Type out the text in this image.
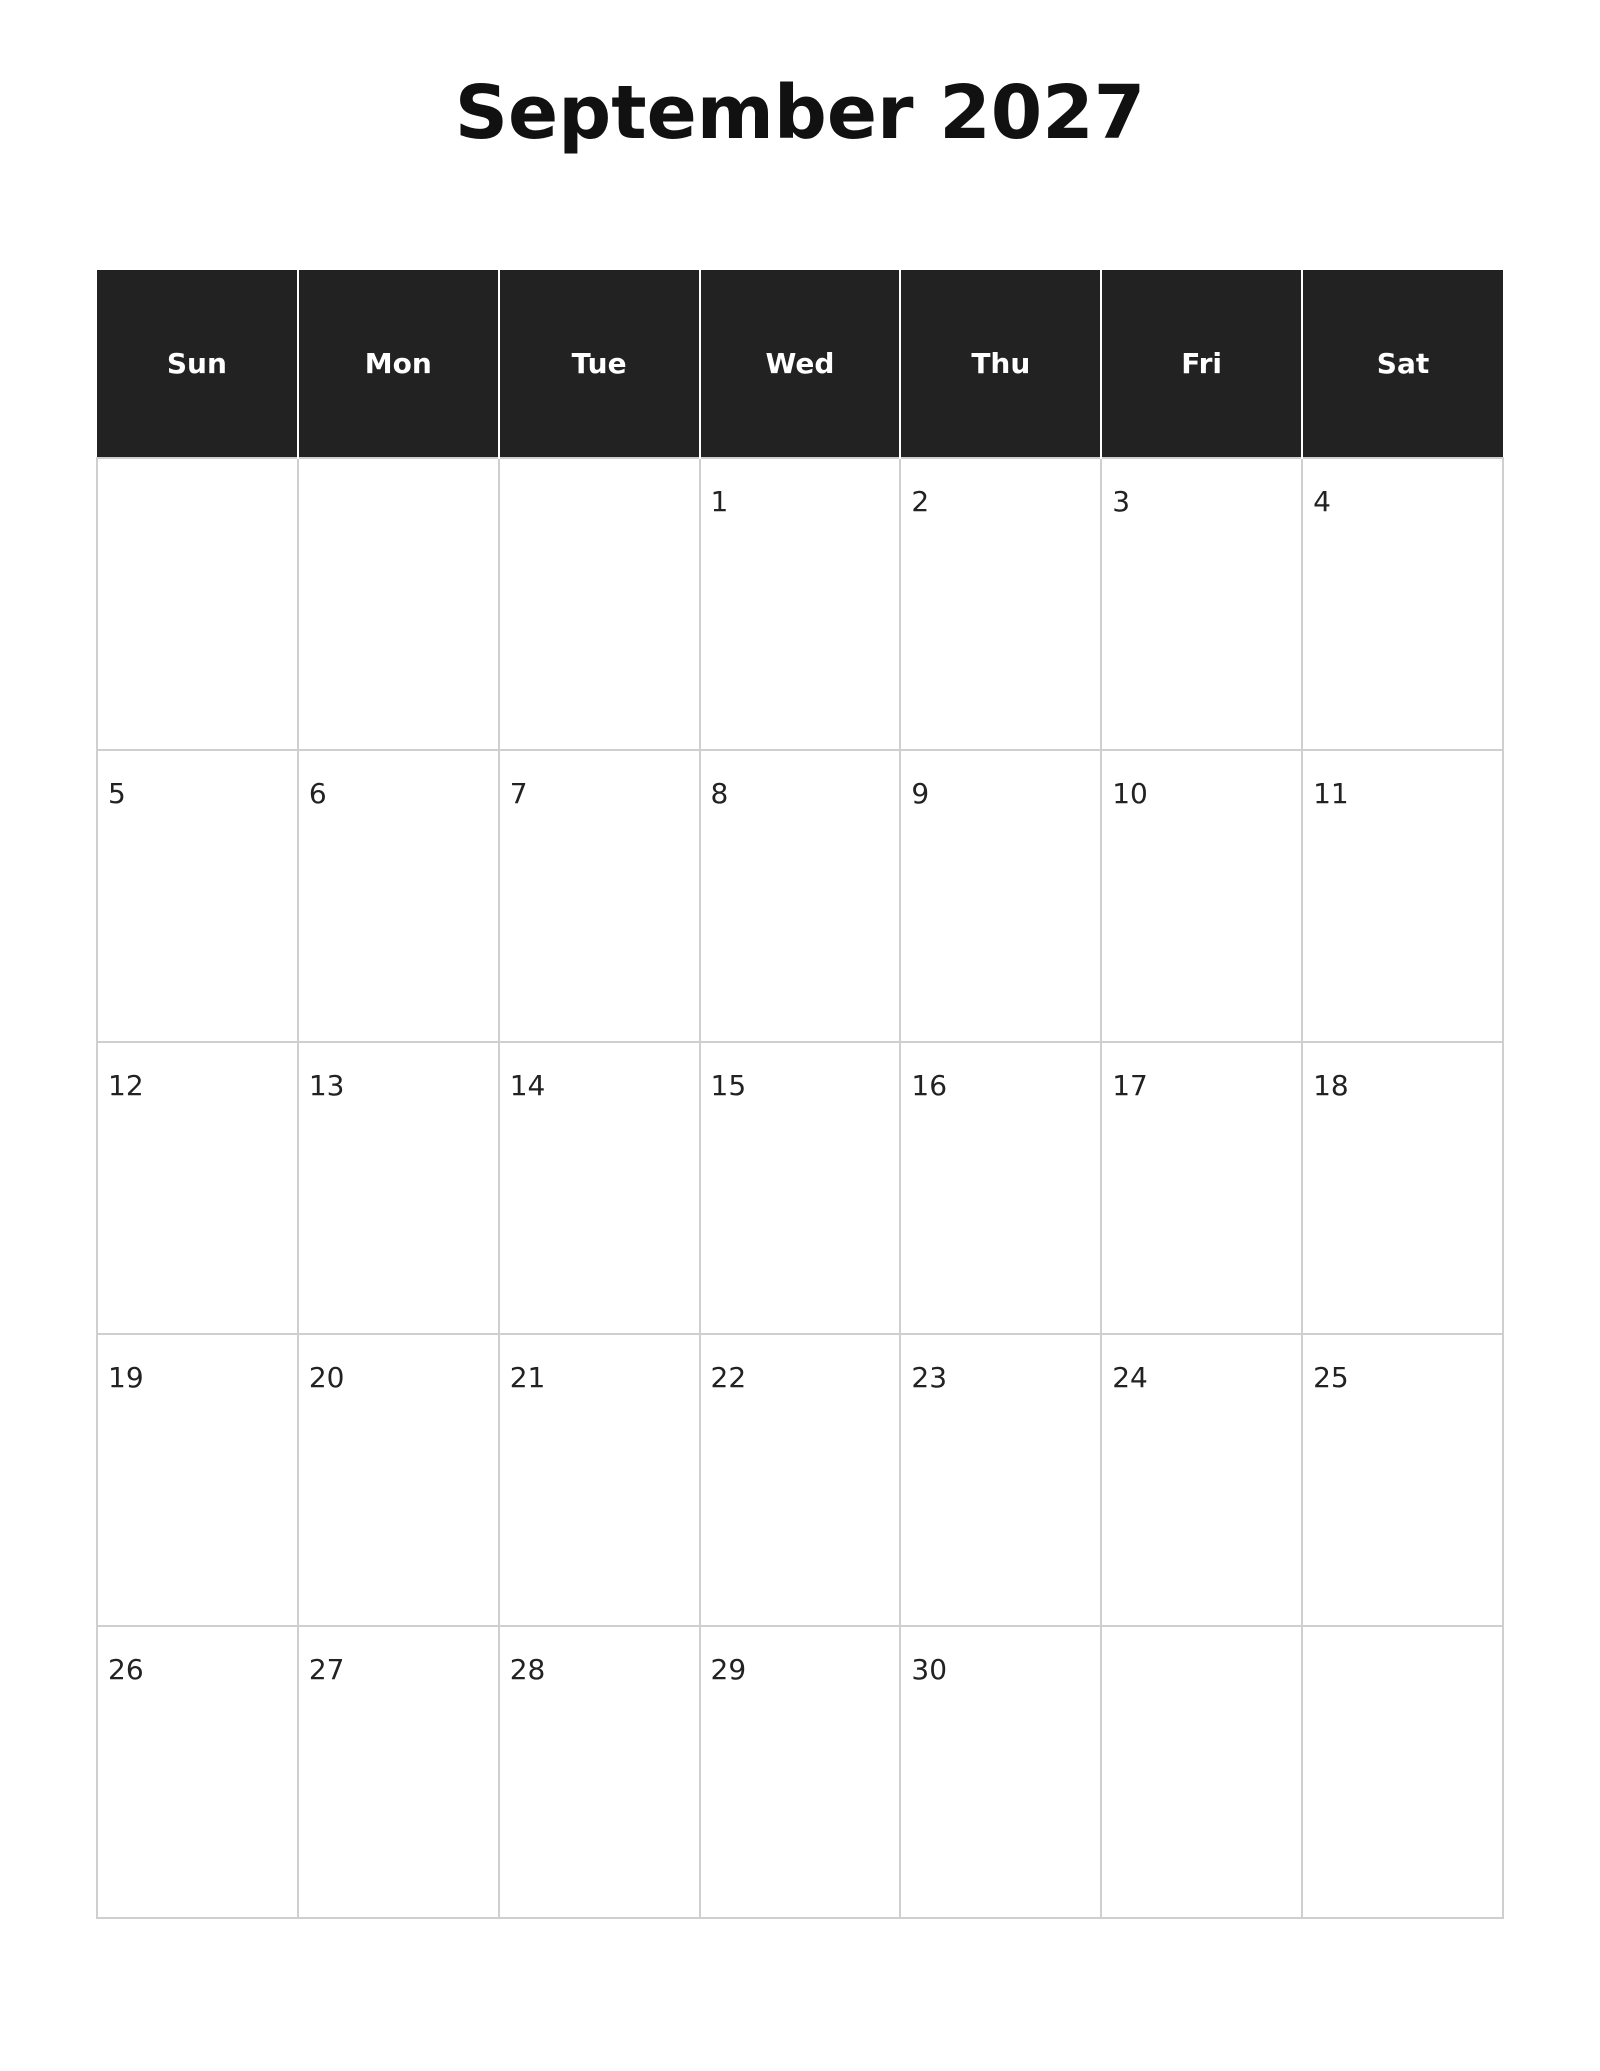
September 2027
Sun	Mon	Tue	Wed	Thu	Fri	Sat

			1	2	3	4

5	6	7	8	9	10	11

12	13	14	15	16	17	18

19	20	21	22	23	24	25

26	27	28	29	30		
